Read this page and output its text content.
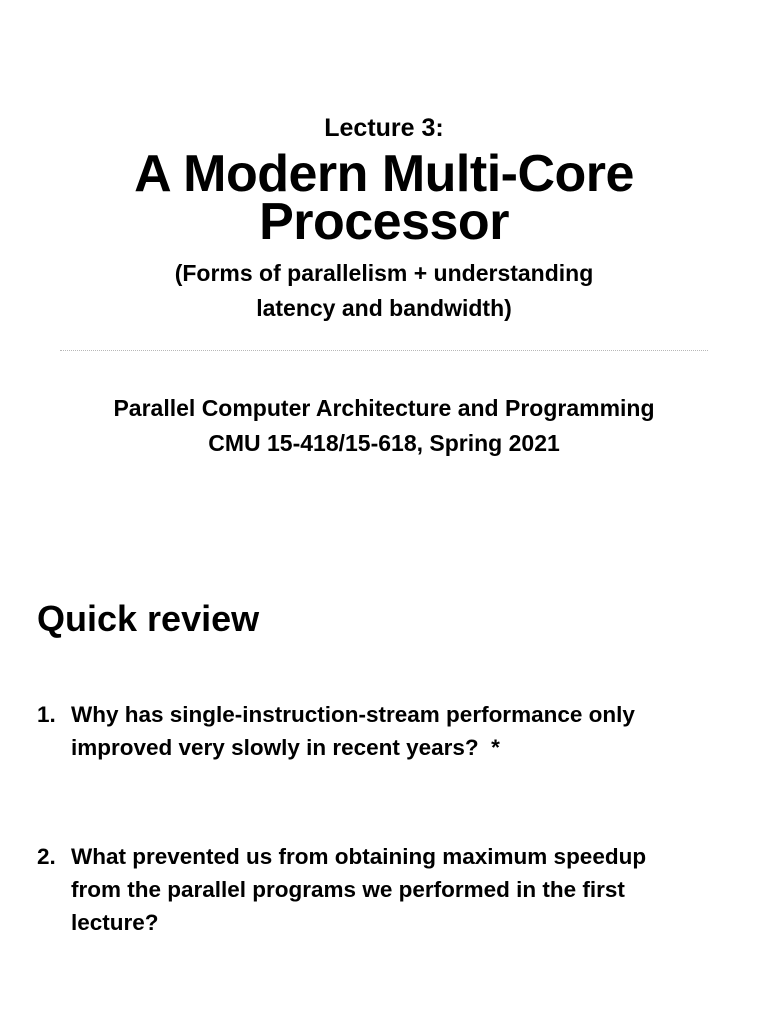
Lecture 3:
A Modern Multi-Core
Processor
(Forms of parallelism + understanding
latency and bandwidth)
Parallel Computer Architecture and Programming
CMU 15-418/15-618, Spring 2021
Quick review
1. Why has single-instruction-stream performance only
improved very slowly in recent years?  *
2. What prevented us from obtaining maximum speedup
from the parallel programs we performed in the first
lecture?
